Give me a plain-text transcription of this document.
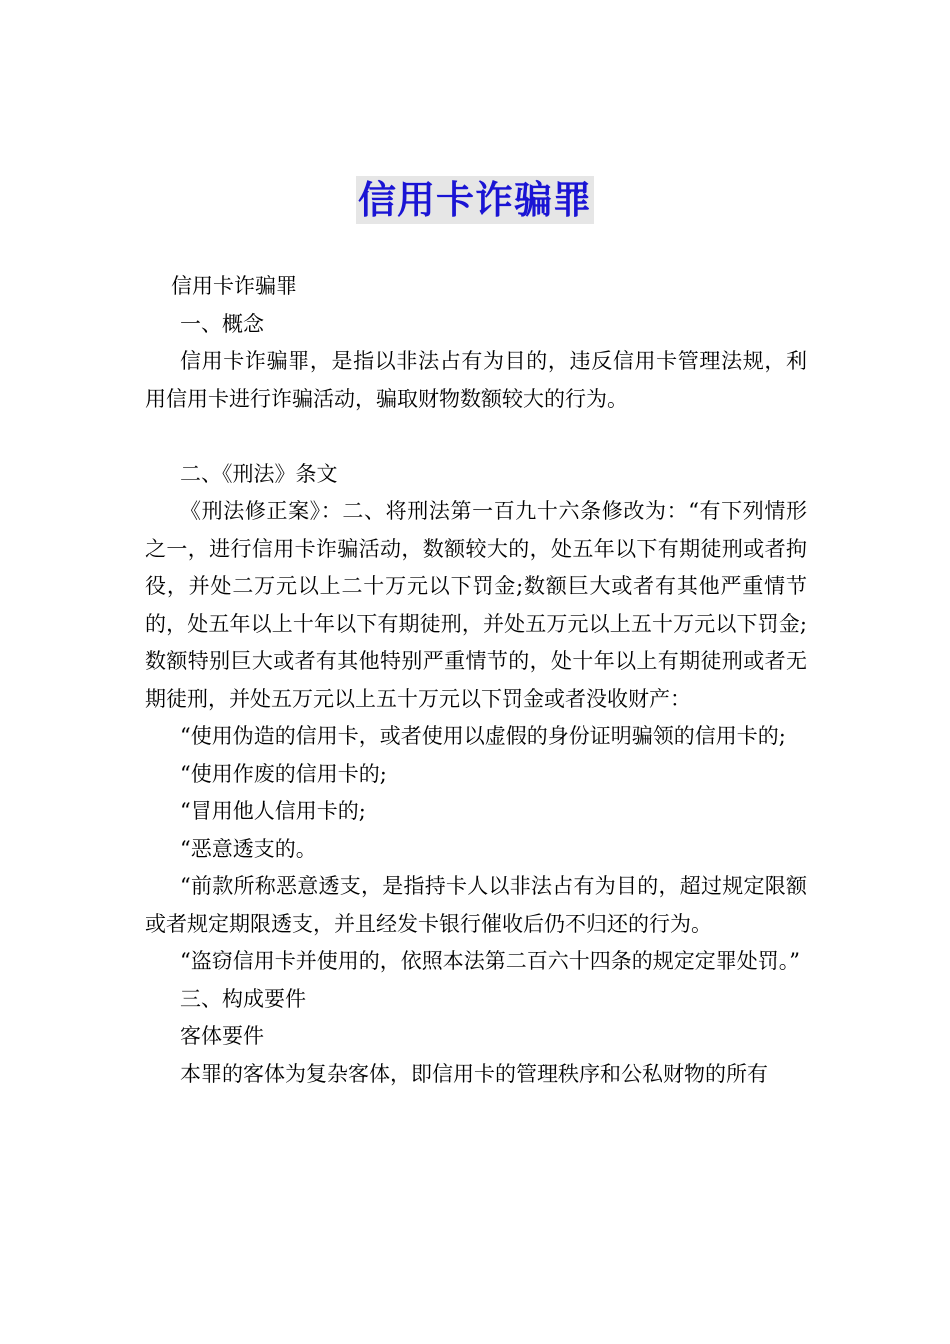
信用卡诈骗罪

信用卡诈骗罪

一、概念

信用卡诈骗罪，是指以非法占有为目的，违反信用卡管理法规，利用信用卡进行诈骗活动，骗取财物数额较大的行为。

二、《刑法》条文

《刑法修正案》：二、将刑法第一百九十六条修改为：“有下列情形之一，进行信用卡诈骗活动，数额较大的，处五年以下有期徒刑或者拘役，并处二万元以上二十万元以下罚金;数额巨大或者有其他严重情节的，处五年以上十年以下有期徒刑，并处五万元以上五十万元以下罚金;数额特别巨大或者有其他特别严重情节的，处十年以上有期徒刑或者无期徒刑，并处五万元以上五十万元以下罚金或者没收财产：

“使用伪造的信用卡，或者使用以虚假的身份证明骗领的信用卡的;

“使用作废的信用卡的;

“冒用他人信用卡的;

“恶意透支的。

“前款所称恶意透支，是指持卡人以非法占有为目的，超过规定限额或者规定期限透支，并且经发卡银行催收后仍不归还的行为。

“盗窃信用卡并使用的，依照本法第二百六十四条的规定定罪处罚。”

三、构成要件

客体要件

本罪的客体为复杂客体，即信用卡的管理秩序和公私财物的所有
